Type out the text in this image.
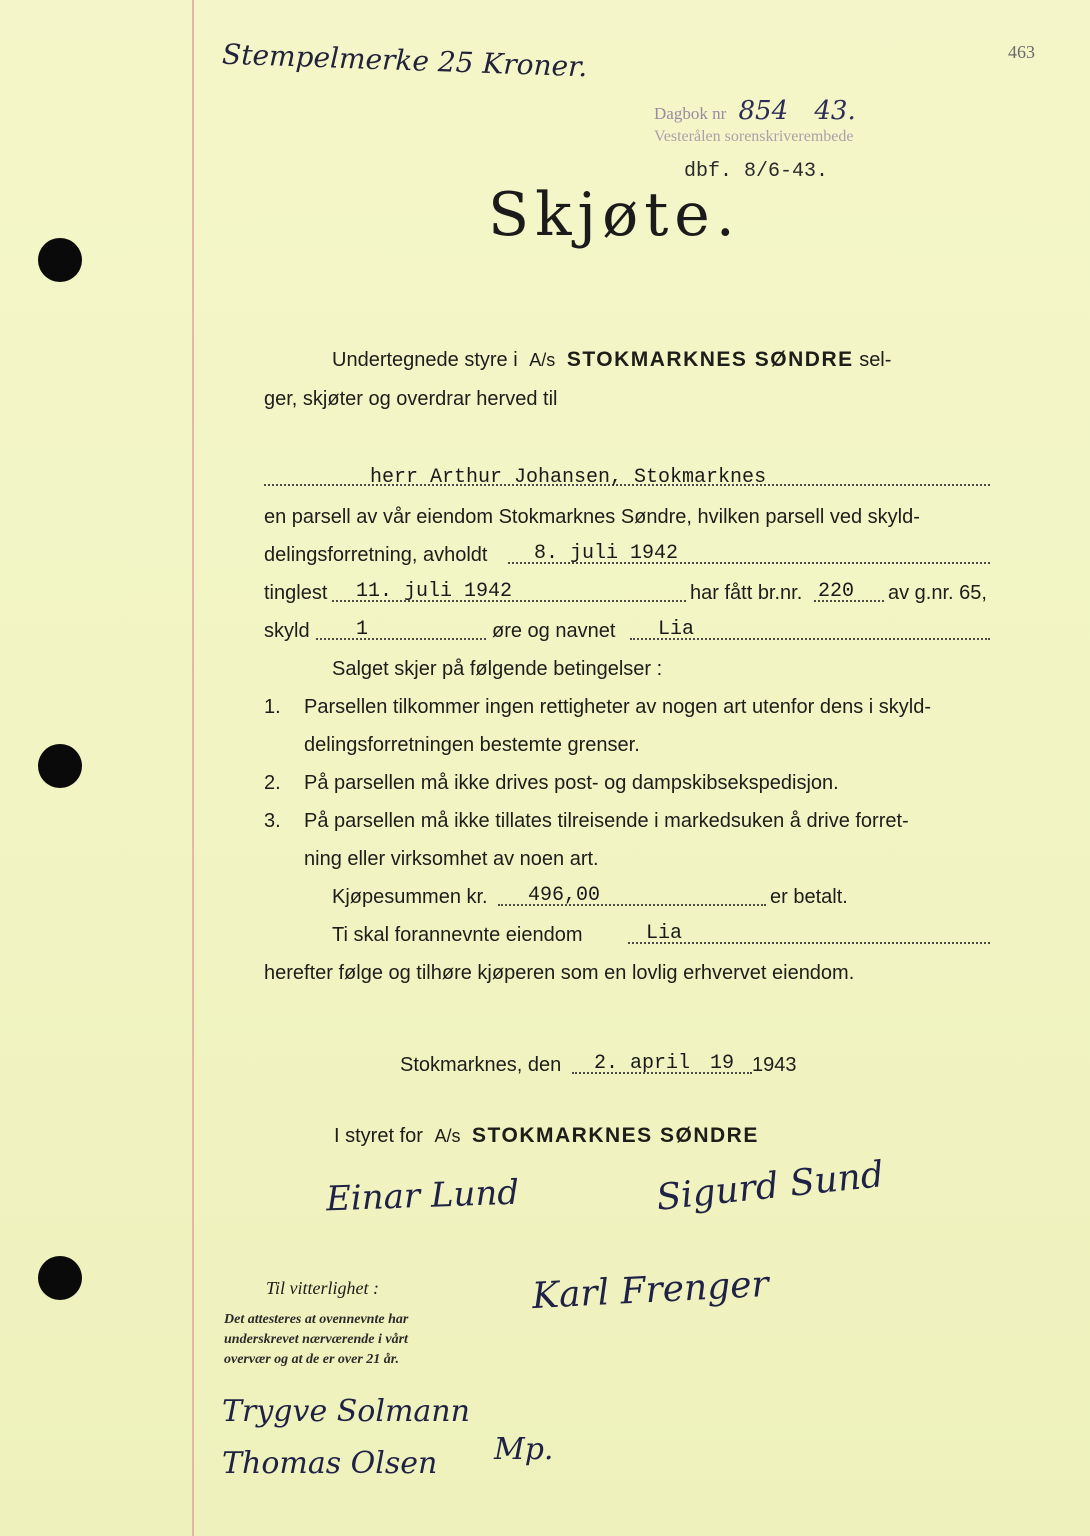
463
Stempelmerke 25 Kroner.
Dagbok nr 854 43.
Vesterålen sorenskriverembede
dbf. 8/6-43.
Skjøte.
Undertegnede styre i A/s STOKMARKNES SØNDRE sel-
ger, skjøter og overdrar herved til
herr Arthur Johansen, Stokmarknes
en parsell av vår eiendom Stokmarknes Søndre, hvilken parsell ved skyld-
delingsforretning, avholdt 8. juli 1942
tinglest 11. juli 1942	har fått br.nr. 220 av g.nr. 65,
skyld 1	øre og navnet Lia
Salget skjer på følgende betingelser :
1. Parsellen tilkommer ingen rettigheter av nogen art utenfor dens i skyld-
delingsforretningen bestemte grenser.
2. På parsellen må ikke drives post- og dampskibsekspedisjon.
3. På parsellen må ikke tillates tilreisende i markedsuken å drive forret-
ning eller virksomhet av noen art.
Kjøpesummen kr. 496,00	er betalt.
Ti skal forannevnte eiendom	Lia
herefter følge og tilhøre kjøperen som en lovlig erhvervet eiendom.
Stokmarknes, den 2. april 19 1943
I styret for A/s STOKMARKNES SØNDRE
Einar Lund	Sigurd Sund
Karl Frenger
Til vitterlighet :
Det attesteres at ovennevnte har
underskrevet nærværende i vårt
overvær og at de er over 21 år.
Trygve Solmann
Thomas Olsen Mp.
